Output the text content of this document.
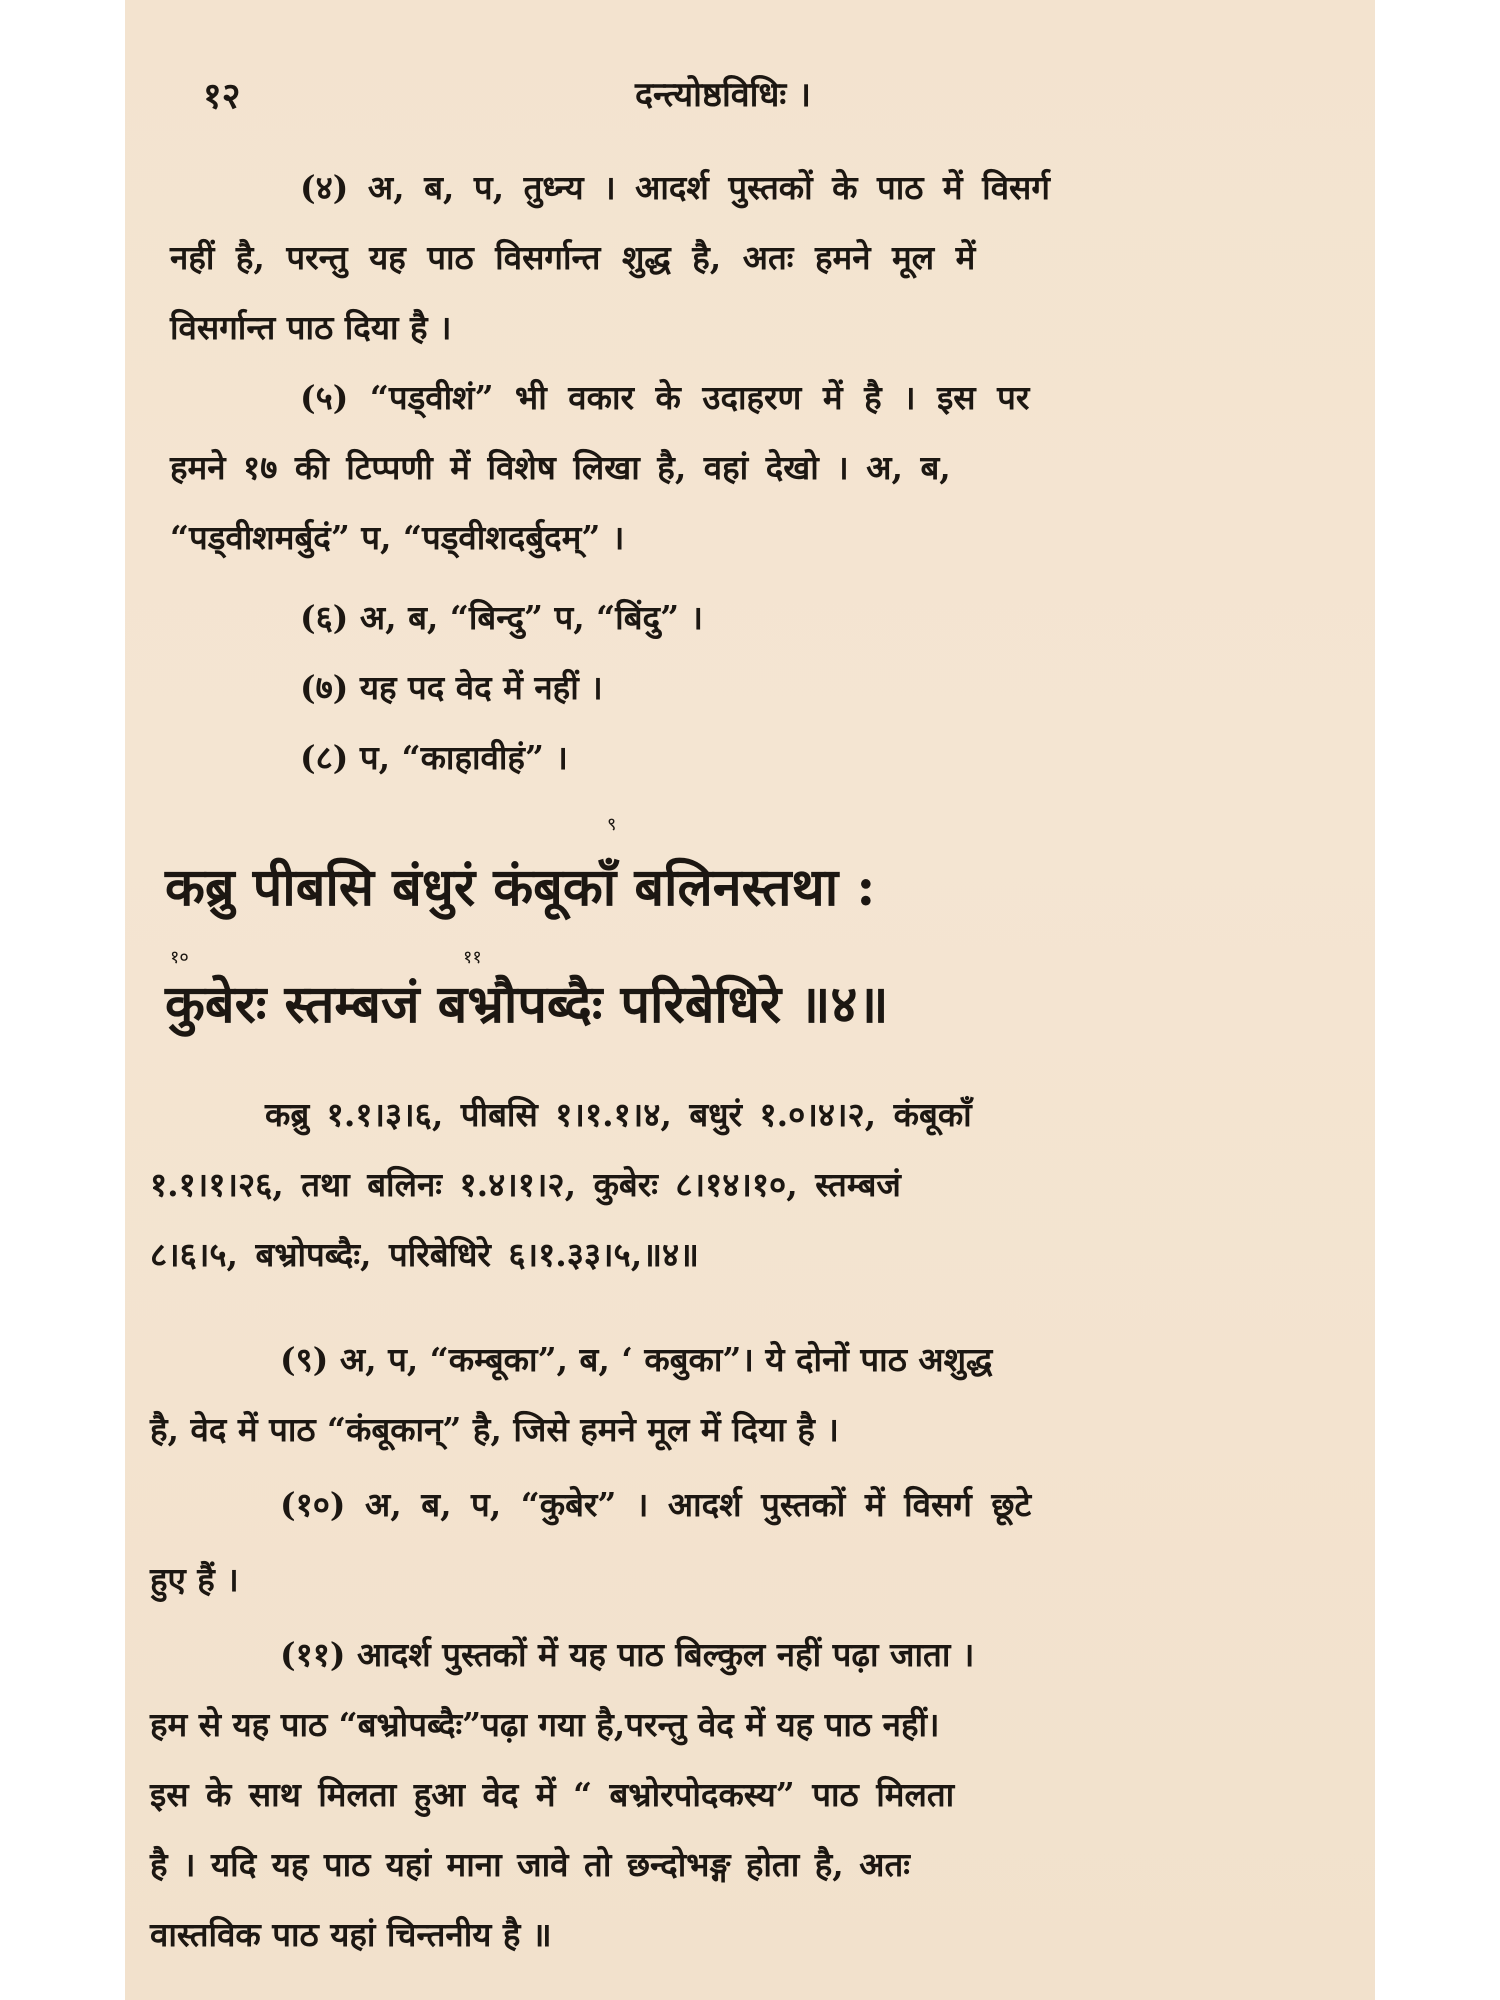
१२	दन्त्योष्ठविधिः ।
(४) अ, ब, प, तुध्न्य । आदर्श पुस्तकों के पाठ में विसर्ग
नहीं है, परन्तु यह पाठ विसर्गान्त शुद्ध है, अतः हमने मूल में
विसर्गान्त पाठ दिया है ।
(५) “पड्वीशं” भी वकार के उदाहरण में है । इस पर
हमने १७ की टिप्पणी में विशेष लिखा है, वहां देखो । अ, ब,
“पड्वीशमर्बुदं” प, “पड्वीशदर्बुदम्” ।
(६) अ, ब, “बिन्दु” प, “बिंदु” ।
(७) यह पद वेद में नहीं ।
(८) प, “काहावीहं” ।
९
कब्रु पीबसि बंधुरं कंबूकाँ बलिनस्तथा :
१०	११
कुबेरः स्तम्बजं बभ्रौपब्दैः परिबेधिरे ॥४॥
कब्रु १.१।३।६, पीबसि १।१.१।४, बधुरं १.०।४।२, कंबूकाँ
१.१।१।२६, तथा बलिनः १.४।१।२, कुबेरः ८।१४।१०, स्तम्बजं
८।६।५, बभ्रोपब्दैः, परिबेधिरे ६।१.३३।५,॥४॥
(९) अ, प, “कम्बूका”, ब, ‘ कबुका”। ये दोनों पाठ अशुद्ध
है, वेद में पाठ “कंबूकान्” है, जिसे हमने मूल में दिया है ।
(१०) अ, ब, प, “कुबेर” । आदर्श पुस्तकों में विसर्ग छूटे
हुए हैं ।
(११) आदर्श पुस्तकों में यह पाठ बिल्कुल नहीं पढ़ा जाता ।
हम से यह पाठ “बभ्रोपब्दैः”पढ़ा गया है,परन्तु वेद में यह पाठ नहीं।
इस के साथ मिलता हुआ वेद में “ बभ्रोरपोदकस्य” पाठ मिलता
है । यदि यह पाठ यहां माना जावे तो छन्दोभङ्ग होता है, अतः
वास्तविक पाठ यहां चिन्तनीय है ॥
